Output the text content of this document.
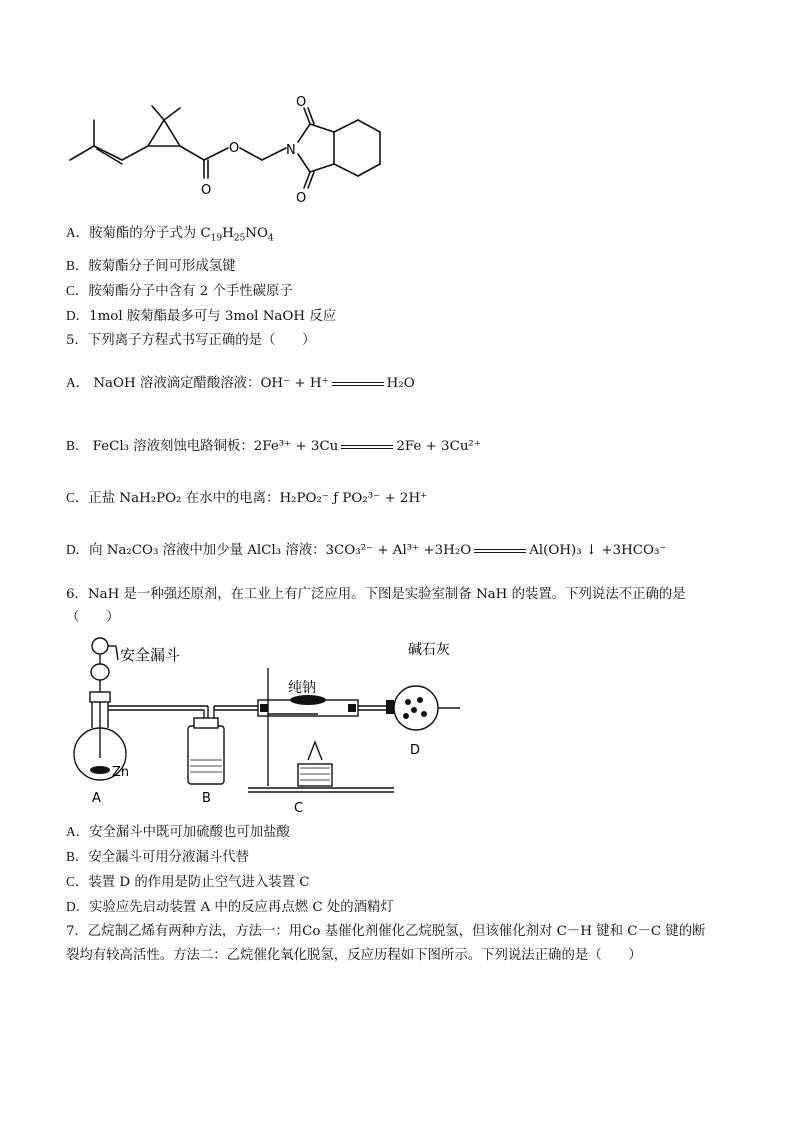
O
O	N
O
O
A．胺菊酯的分子式为 $C_{19}H_{25}NO_4$
B．胺菊酯分子间可形成氢键
C．胺菊酯分子中含有 2 个手性碳原子
D．1mol 胺菊酯最多可与 3mol NaOH 反应
5．下列离子方程式书写正确的是（　　）
A． NaOH 溶液滴定醋酸溶液：OH⁻ + H⁺	H₂O
B． FeCl₃ 溶液刻蚀电路铜板：2Fe³⁺ + 3Cu	2Fe + 3Cu²⁺
C．正盐 NaH₂PO₂ 在水中的电离：H₂PO₂⁻ ƒ PO₂³⁻ + 2H⁺
D．向 Na₂CO₃ 溶液中加少量 AlCl₃ 溶液：3CO₃²⁻ + Al³⁺ +3H₂O	Al(OH)₃ ↓ +3HCO₃⁻
6．NaH 是一种强还原剂，在工业上有广泛应用。下图是实验室制备 NaH 的装置。下列说法不正确的是
（　　）
安全漏斗
纯钠
碱石灰
Zn
A	B
C
D
A．安全漏斗中既可加硫酸也可加盐酸
B．安全漏斗可用分液漏斗代替
C．装置 D 的作用是防止空气进入装置 C
D．实验应先启动装置 A 中的反应再点燃 C 处的酒精灯
7．乙烷制乙烯有两种方法，方法一：用Co 基催化剂催化乙烷脱氢，但该催化剂对 C－H 键和 C－C 键的断
裂均有较高活性。方法二：乙烷催化氧化脱氢，反应历程如下图所示。下列说法正确的是（　　）
